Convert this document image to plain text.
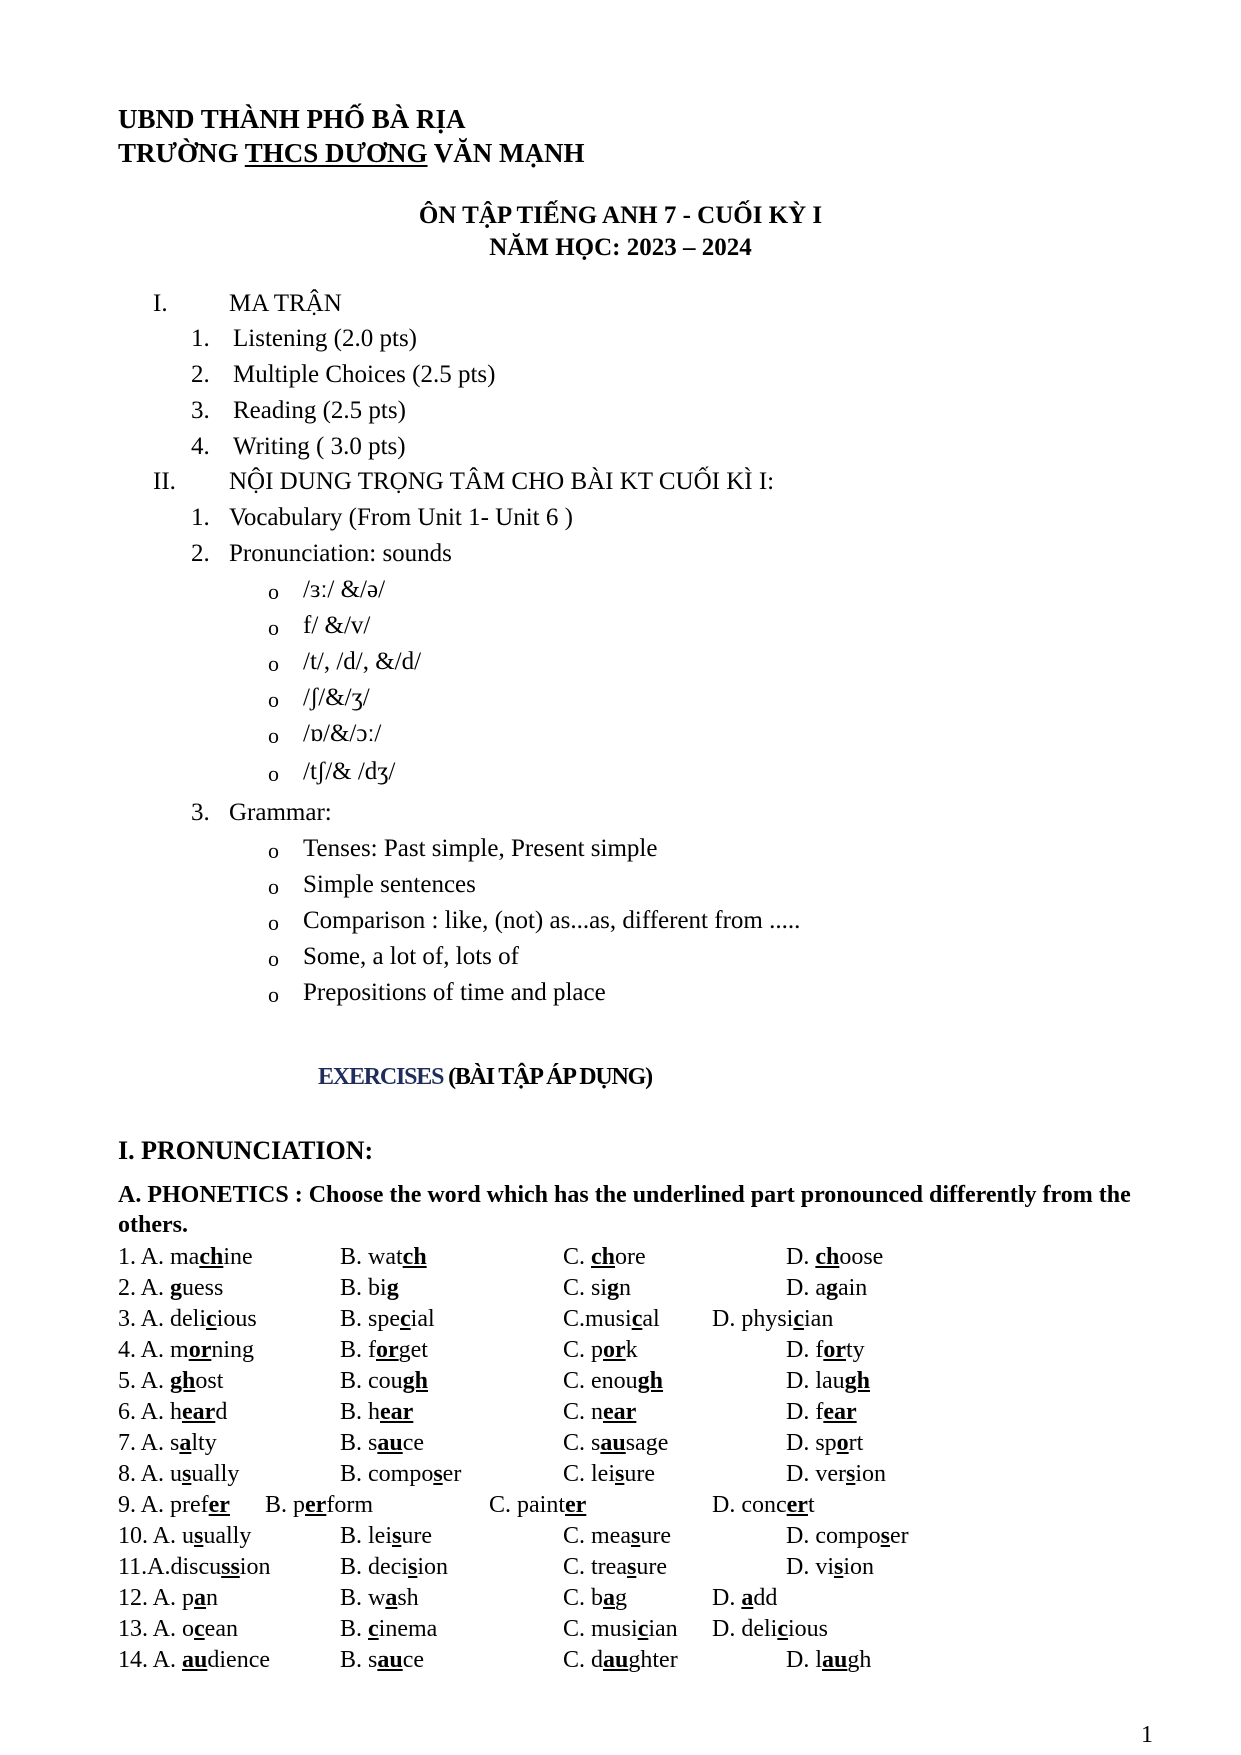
UBND THÀNH PHỐ BÀ RỊA
TRƯỜNG THCS DƯƠNG VĂN MẠNH
ÔN TẬP TIẾNG ANH 7 - CUỐI KỲ I
NĂM HỌC: 2023 – 2024
I. MA TRẬN
1. Listening (2.0 pts)
2. Multiple Choices (2.5 pts)
3. Reading (2.5 pts)
4. Writing ( 3.0 pts)
II. NỘI DUNG TRỌNG TÂM CHO BÀI KT CUỐI KÌ I:
1. Vocabulary (From Unit 1- Unit 6 )
2. Pronunciation: sounds
o /ɜː/ &/ə/
o f/ &/v/
o /t/, /d/, &/d/
o /ʃ/&/ʒ/
o /ɒ/&/ɔː/
o /tʃ/& /dʒ/
3. Grammar:
o Tenses: Past simple, Present simple
o Simple sentences
o Comparison : like, (not) as...as, different from .....
o Some, a lot of, lots of
o Prepositions of time and place
EXERCISES (BÀI TẬP ÁP DỤNG)
I. PRONUNCIATION:
A. PHONETICS : Choose the word which has the underlined part pronounced differently from the others.
1. A. machine	B. watch	C. chore	D. choose
2. A. guess	B. big	C. sign	D. again
3. A. delicious	B. special	C.musical D. physician
4. A. morning	B. forget	C. pork	D. forty
5. A. ghost	B. cough	C. enough	D. laugh
6. A. heard	B. hear	C. near	D. fear
7. A. salty	B. sauce	C. sausage	D. sport
8. A. usually	B. composer	C. leisure	D. version
9. A. prefer B. perform	C. painter	D. concert
10. A. usually	B. leisure	C. measure	D. composer
11.A.discussion	B. decision	C. treasure	D. vision
12. A. pan	B. wash	C. bag	D. add
13. A. ocean	B. cinema	C. musician D. delicious
14. A. audience	B. sauce	C. daughter	D. laugh
1
